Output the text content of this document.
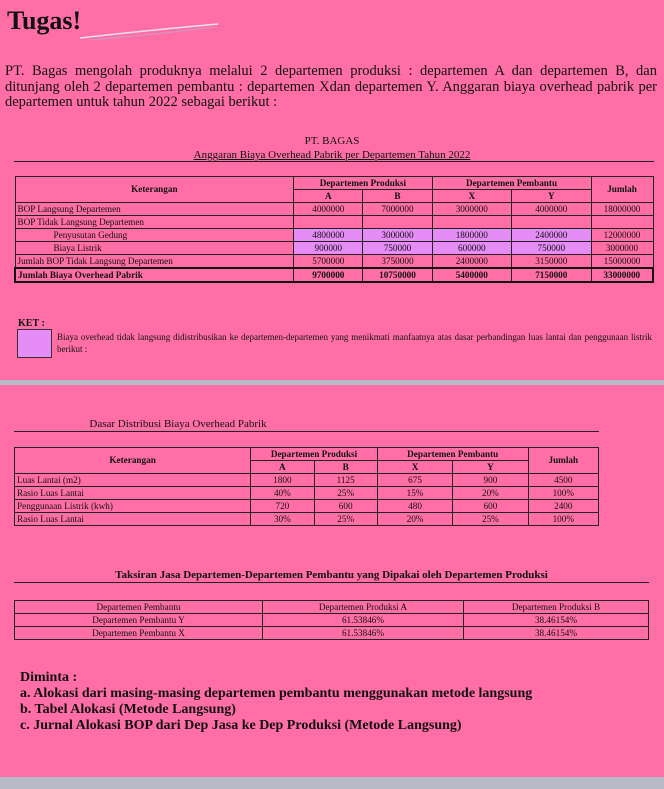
Tugas!
PT. Bagas mengolah produknya melalui 2 departemen produksi : departemen A dan departemen B, dan ditunjang oleh 2 departemen pembantu : departemen Xdan departemen Y. Anggaran biaya overhead pabrik per departemen untuk tahun 2022 sebagai berikut :
PT. BAGAS
Anggaran Biaya Overhead Pabrik per Departemen Tahun 2022
Keterangan	Departemen Produksi		Departemen Pembantu		Jumlah
	A	B	X	Y	
BOP Langsung Departemen	4000000	7000000	3000000	4000000	18000000
BOP Tidak Langsung Departemen					
Penyusutan Gedung	4800000	3000000	1800000	2400000	12000000
Biaya Listrik	900000	750000	600000	750000	3000000
Jumlah BOP Tidak Langsung Departemen	5700000	3750000	2400000	3150000	15000000
Jumlah Biaya Overhead Pabrik	9700000	10750000	5400000	7150000	33000000
KET :
Biaya overhead tidak langsung didistribusikan ke departemen-departemen yang menikmati manfaatnya atas dasar perbandingan luas lantai dan penggunaan listrik berikut :
Dasar Distribusi Biaya Overhead Pabrik
Keterangan	Departemen Produksi		Departemen Pembantu		Jumlah
	A	B	X	Y	
Luas Lantai (m2)	1800	1125	675	900	4500
Rasio Luas Lantai	40%	25%	15%	20%	100%
Penggunaan Listrik (kwh)	720	600	480	600	2400
Rasio Luas Lantai	30%	25%	20%	25%	100%
Taksiran Jasa Departemen-Departemen Pembantu yang Dipakai oleh Departemen Produksi
Departemen Pembantu	Departemen Produksi A	Departemen Produksi B
Departemen Pembantu Y	61.53846%	38.46154%
Departemen Pembantu X	61.53846%	38.46154%
Diminta :
a. Alokasi dari masing-masing departemen pembantu menggunakan metode langsung
b. Tabel Alokasi (Metode Langsung)
c. Jurnal Alokasi BOP dari Dep Jasa ke Dep Produksi (Metode Langsung)
